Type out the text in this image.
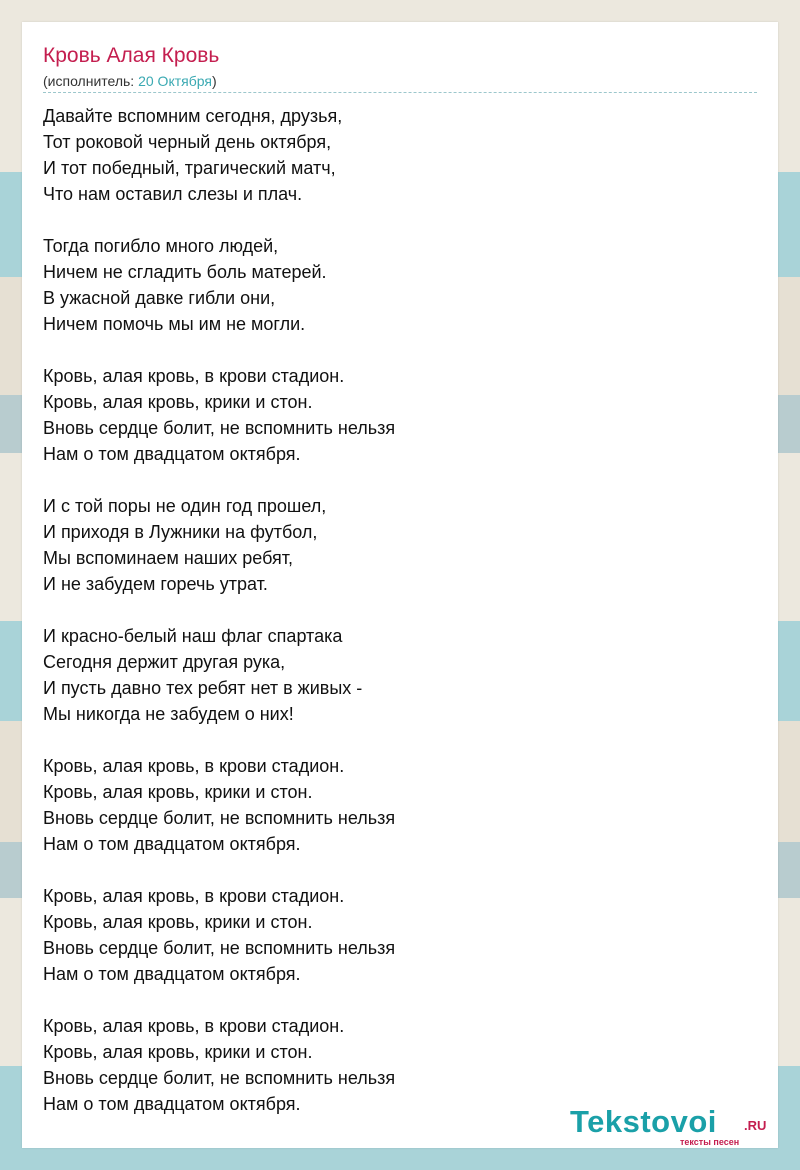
Кровь Алая Кровь
(исполнитель: 20 Октября)
Давайте вспомним сегодня, друзья,
Тот роковой черный день октября,
И тот победный, трагический матч,
Что нам оставил слезы и плач.
Тогда погибло много людей,
Ничем не сгладить боль матерей.
В ужасной давке гибли они,
Ничем помочь мы им не могли.
Кровь, алая кровь, в крови стадион.
Кровь, алая кровь, крики и стон.
Вновь сердце болит, не вспомнить нельзя
Нам о том двадцатом октября.
И с той поры не один год прошел,
И приходя в Лужники на футбол,
Мы вспоминаем наших ребят,
И не забудем горечь утрат.
И красно-белый наш флаг спартака
Сегодня держит другая рука,
И пусть давно тех ребят нет в живых -
Мы никогда не забудем о них!
Кровь, алая кровь, в крови стадион.
Кровь, алая кровь, крики и стон.
Вновь сердце болит, не вспомнить нельзя
Нам о том двадцатом октября.
Кровь, алая кровь, в крови стадион.
Кровь, алая кровь, крики и стон.
Вновь сердце болит, не вспомнить нельзя
Нам о том двадцатом октября.
Кровь, алая кровь, в крови стадион.
Кровь, алая кровь, крики и стон.
Вновь сердце болит, не вспомнить нельзя
Нам о том двадцатом октября.	Tekstovoi .RU
тексты песен
